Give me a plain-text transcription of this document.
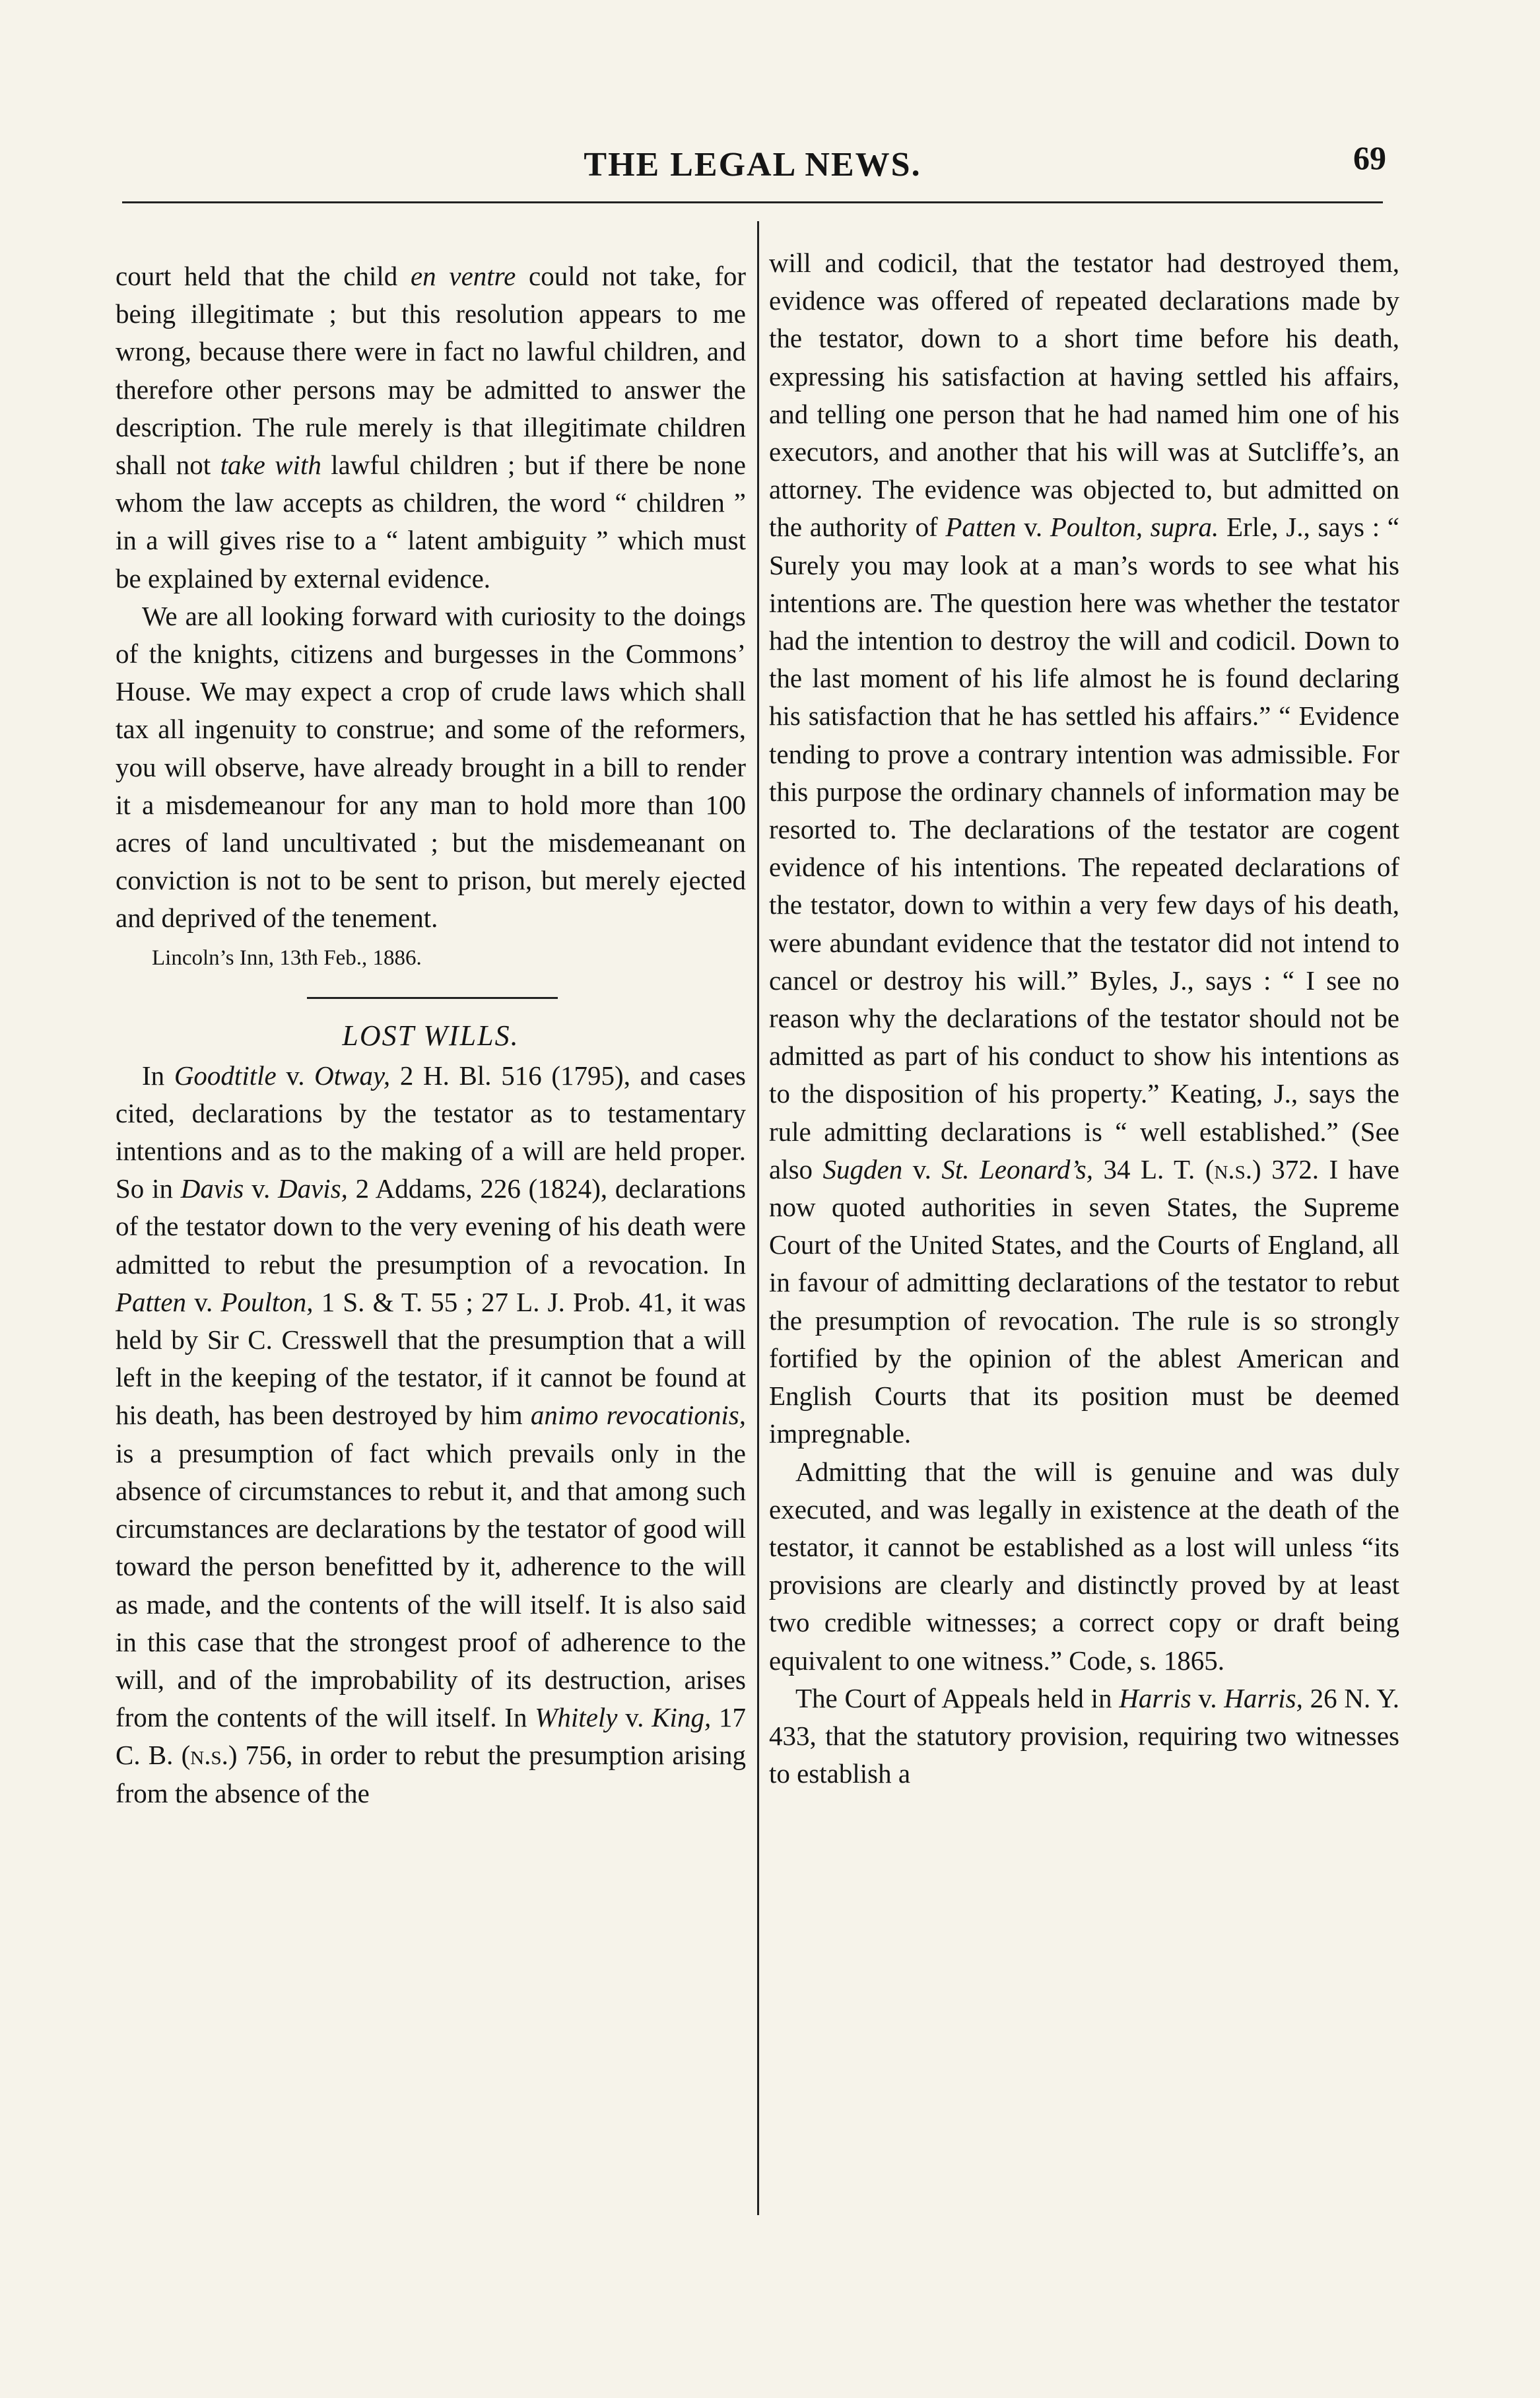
THE LEGAL NEWS.	69

court held that the child en ventre could not take, for being illegitimate ; but this resolution appears to me wrong, because there were in fact no lawful children, and therefore other persons may be admitted to answer the description. The rule merely is that illegitimate children shall not take with lawful children ; but if there be none whom the law accepts as children, the word “ children ” in a will gives rise to a “ latent ambiguity ” which must be explained by external evidence.

We are all looking forward with curiosity to the doings of the knights, citizens and burgesses in the Commons’ House. We may expect a crop of crude laws which shall tax all ingenuity to construe; and some of the reformers, you will observe, have already brought in a bill to render it a misdemeanour for any man to hold more than 100 acres of land uncultivated ; but the misdemeanant on conviction is not to be sent to prison, but merely ejected and deprived of the tenement.

Lincoln’s Inn, 13th Feb., 1886.

LOST WILLS.

In Goodtitle v. Otway, 2 H. Bl. 516 (1795), and cases cited, declarations by the testator as to testamentary intentions and as to the making of a will are held proper. So in Davis v. Davis, 2 Addams, 226 (1824), declarations of the testator down to the very evening of his death were admitted to rebut the presumption of a revocation. In Patten v. Poulton, 1 S. & T. 55 ; 27 L. J. Prob. 41, it was held by Sir C. Cresswell that the presumption that a will left in the keeping of the testator, if it cannot be found at his death, has been destroyed by him animo revocationis, is a presumption of fact which prevails only in the absence of circumstances to rebut it, and that among such circumstances are declarations by the testator of good will toward the person benefitted by it, adherence to the will as made, and the contents of the will itself. It is also said in this case that the strongest proof of adherence to the will, and of the improbability of its destruction, arises from the contents of the will itself. In Whitely v. King, 17 C. B. (n.s.) 756, in order to rebut the presumption arising from the absence of the

will and codicil, that the testator had destroyed them, evidence was offered of repeated declarations made by the testator, down to a short time before his death, expressing his satisfaction at having settled his affairs, and telling one person that he had named him one of his executors, and another that his will was at Sutcliffe’s, an attorney. The evidence was objected to, but admitted on the authority of Patten v. Poulton, supra. Erle, J., says : “ Surely you may look at a man’s words to see what his intentions are. The question here was whether the testator had the intention to destroy the will and codicil. Down to the last moment of his life almost he is found declaring his satisfaction that he has settled his affairs.” “ Evidence tending to prove a contrary intention was admissible. For this purpose the ordinary channels of information may be resorted to. The declarations of the testator are cogent evidence of his intentions. The repeated declarations of the testator, down to within a very few days of his death, were abundant evidence that the testator did not intend to cancel or destroy his will.” Byles, J., says : “ I see no reason why the declarations of the testator should not be admitted as part of his conduct to show his intentions as to the disposition of his property.” Keating, J., says the rule admitting declarations is “ well established.” (See also Sugden v. St. Leonard’s, 34 L. T. (n.s.) 372. I have now quoted authorities in seven States, the Supreme Court of the United States, and the Courts of England, all in favour of admitting declarations of the testator to rebut the presumption of revocation. The rule is so strongly fortified by the opinion of the ablest American and English Courts that its position must be deemed impregnable.

Admitting that the will is genuine and was duly executed, and was legally in existence at the death of the testator, it cannot be established as a lost will unless “its provisions are clearly and distinctly proved by at least two credible witnesses; a correct copy or draft being equivalent to one witness.” Code, s. 1865.

The Court of Appeals held in Harris v. Harris, 26 N. Y. 433, that the statutory provision, requiring two witnesses to establish a
